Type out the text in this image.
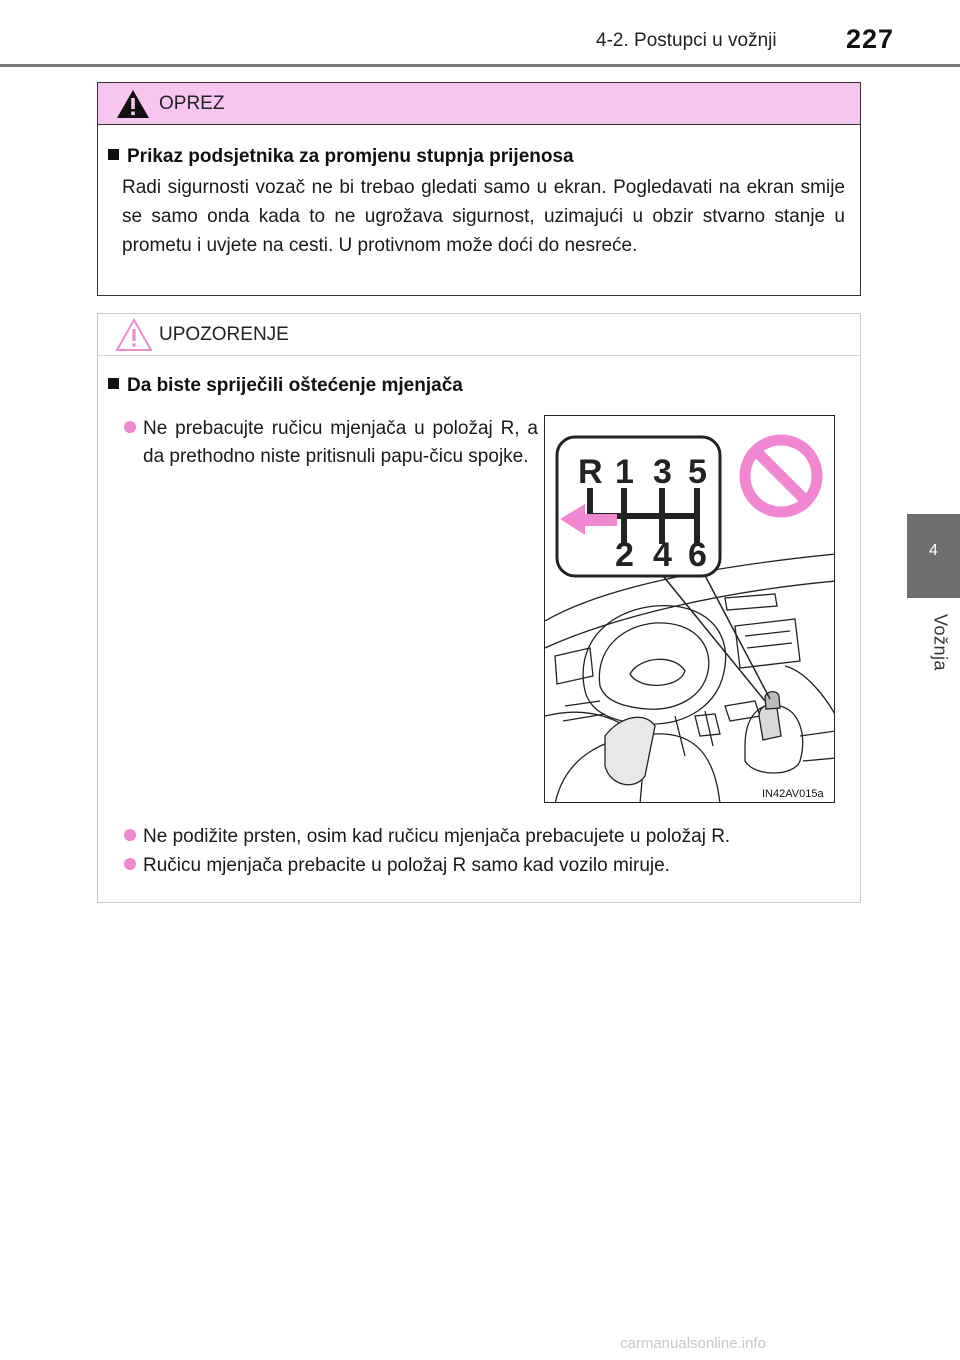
4-2. Postupci u vožnji	227
4
Vožnja
OPREZ
Prikaz podsjetnika za promjenu stupnja prijenosa
Radi sigurnosti vozač ne bi trebao gledati samo u ekran. Pogledavati na ekran smije se samo onda kada to ne ugrožava sigurnost, uzimajući u obzir stvarno stanje u prometu i uvjete na cesti. U protivnom može doći do nesreće.
UPOZORENJE
Da biste spriječili oštećenje mjenjača
Ne prebacujte ručicu mjenjača u položaj R, a da prethodno niste pritisnuli papu-čicu spojke. R 1 3 5
2 4 6
IN42AV015a
Ne podižite prsten, osim kad ručicu mjenjača prebacujete u položaj R.
Ručicu mjenjača prebacite u položaj R samo kad vozilo miruje.
carmanualsonline.info
